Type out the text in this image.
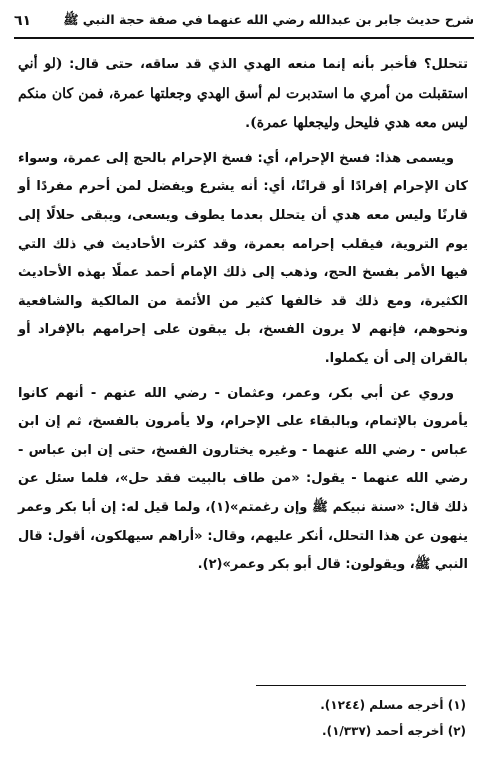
شرح حديث جابر بن عبدالله رضي الله عنهما في صفة حجة النبي ﷺ
٦١

تتحلل؟ فأخبر بأنه إنما منعه الهدي الذي قد ساقه، حتى قال: (لو أني استقبلت من أمري ما استدبرت لم أسق الهدي وجعلتها عمرة، فمن كان منكم ليس معه هدي فليحل وليجعلها عمرة).

ويسمى هذا: فسخ الإحرام، أي: فسخ الإحرام بالحج إلى عمرة، وسواء كان الإحرام إفرادًا أو قرانًا، أي: أنه يشرع ويفضل لمن أحرم مفردًا أو قارنًا وليس معه هدي أن يتحلل بعدما يطوف ويسعى، ويبقى حلالًا إلى يوم التروية، فيقلب إحرامه بعمرة، وقد كثرت الأحاديث في ذلك التي فيها الأمر بفسخ الحج، وذهب إلى ذلك الإمام أحمد عملًا بهذه الأحاديث الكثيرة، ومع ذلك قد خالفها كثير من الأئمة من المالكية والشافعية ونحوهم، فإنهم لا يرون الفسخ، بل يبقون على إحرامهم بالإفراد أو بالقران إلى أن يكملوا.

وروي عن أبي بكر، وعمر، وعثمان - رضي الله عنهم - أنهم كانوا يأمرون بالإتمام، وبالبقاء على الإحرام، ولا يأمرون بالفسخ، ثم إن ابن عباس - رضي الله عنهما - وغيره يختارون الفسخ، حتى إن ابن عباس - رضي الله عنهما - يقول: «من طاف بالبيت فقد حل»، فلما سئل عن ذلك قال: «سنة نبيكم ﷺ وإن رغمتم»(١)، ولما قيل له: إن أبا بكر وعمر ينهون عن هذا التحلل، أنكر عليهم، وقال: «أراهم سيهلكون، أقول: قال النبي ﷺ، ويقولون: قال أبو بكر وعمر»(٢).

(١) أخرجه مسلم (١٢٤٤).
(٢) أخرجه أحمد (١/٣٣٧).
